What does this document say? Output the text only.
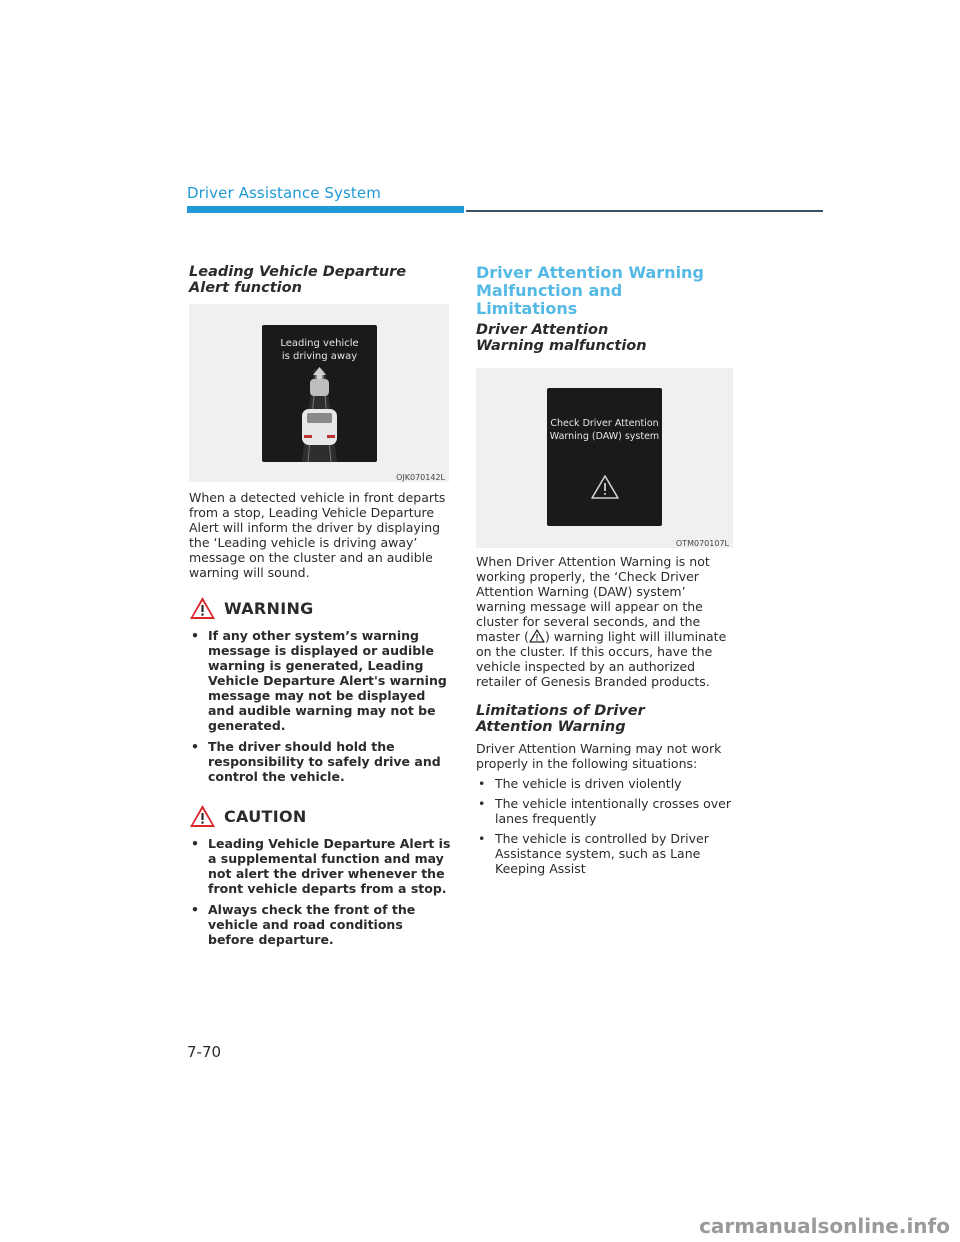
Driver Assistance System
Leading Vehicle Departure Alert function
Leading vehicle
is driving away
OJK070142L

When a detected vehicle in front departs from a stop, Leading Vehicle Departure Alert will inform the driver by displaying the ‘Leading vehicle is driving away’ message on the cluster and an audible warning will sound.

WARNING
• If any other system’s warning message is displayed or audible warning is generated, Leading Vehicle Departure Alert's warning message may not be displayed and audible warning may not be generated.
• The driver should hold the responsibility to safely drive and control the vehicle.
CAUTION
• Leading Vehicle Departure Alert is a supplemental function and may not alert the driver whenever the front vehicle departs from a stop.
• Always check the front of the vehicle and road conditions before departure.
Driver Attention Warning Malfunction and Limitations
Driver Attention Warning malfunction
Check Driver Attention
Warning (DAW) system
OTM070107L

When Driver Attention Warning is not working properly, the ‘Check Driver Attention Warning (DAW) system’ warning message will appear on the cluster for several seconds, and the master ( ) warning light will illuminate on the cluster. If this occurs, have the vehicle inspected by an authorized retailer of Genesis Branded products.

Limitations of Driver Attention Warning

Driver Attention Warning may not work properly in the following situations:

• The vehicle is driven violently
• The vehicle intentionally crosses over lanes frequently
• The vehicle is controlled by Driver Assistance system, such as Lane Keeping Assist
7-70
carmanualsonline.info
